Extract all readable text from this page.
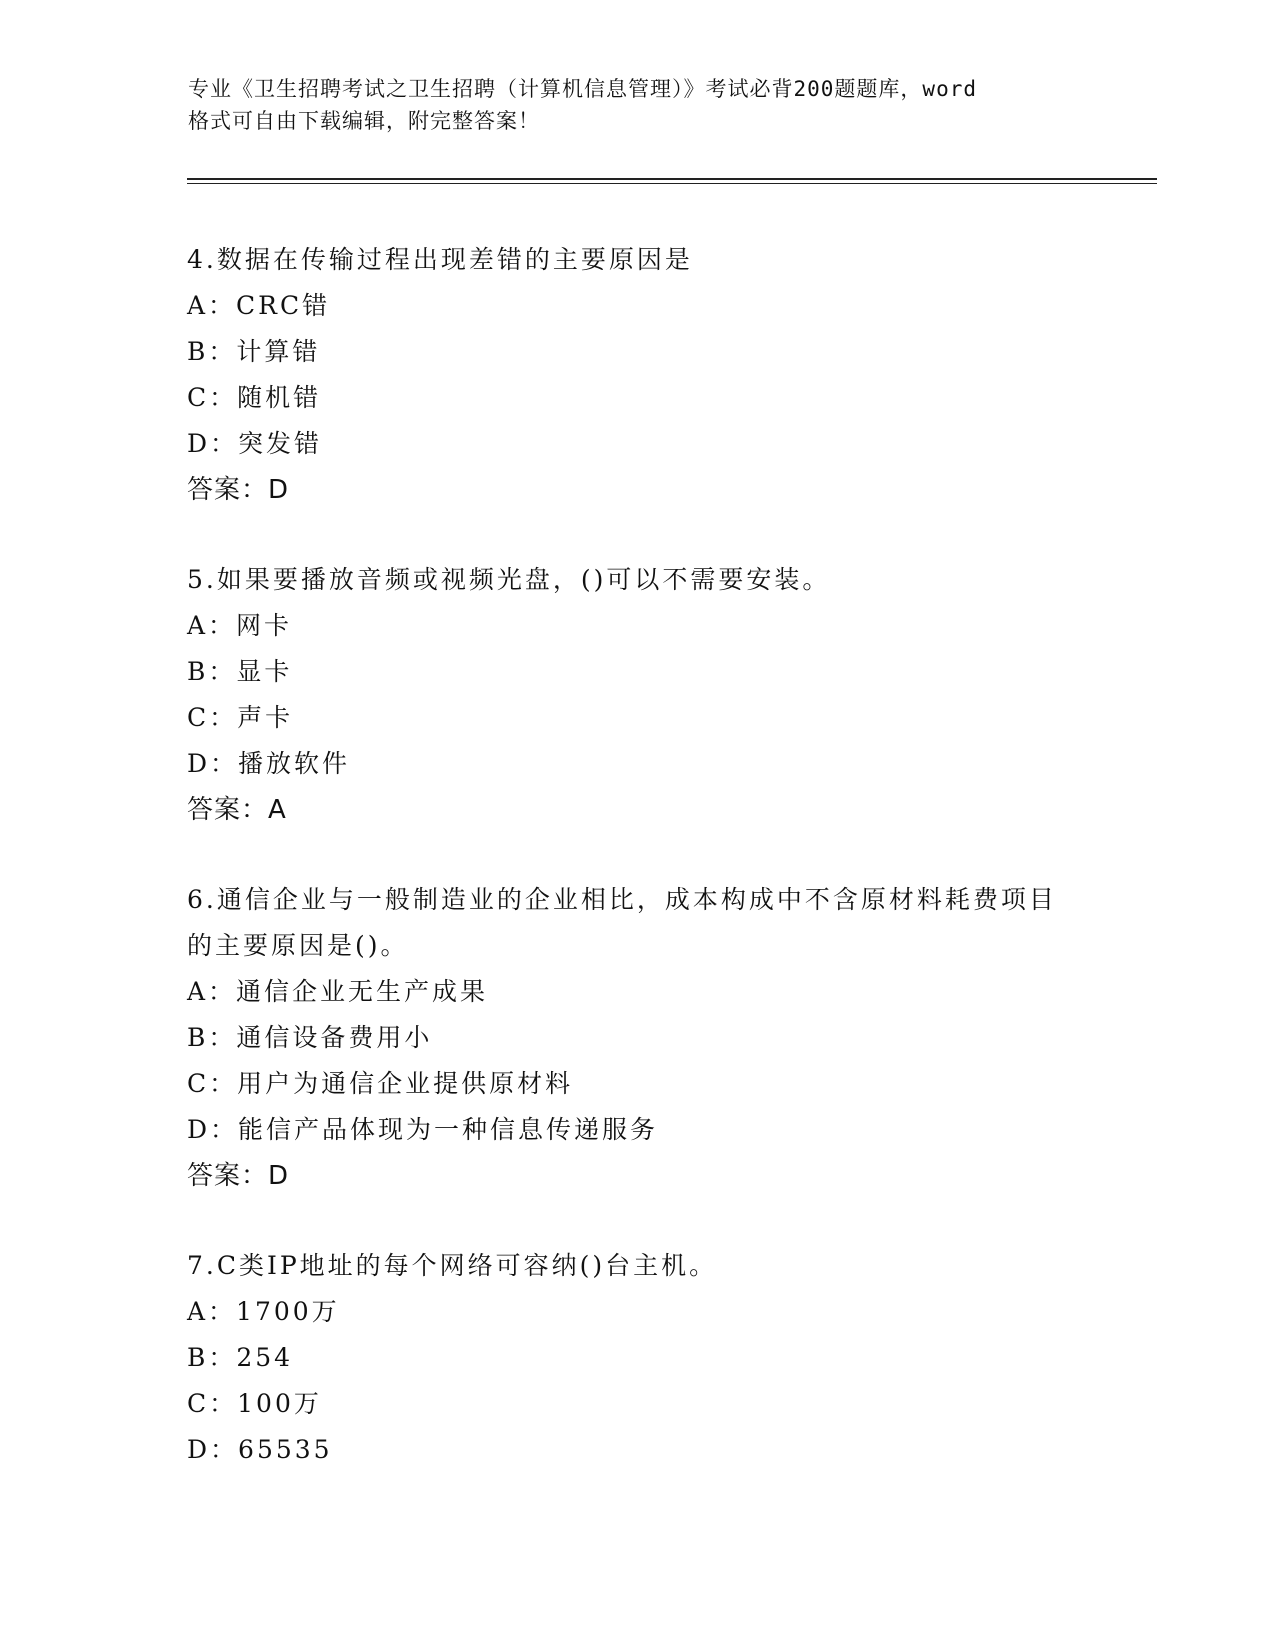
专业《卫生招聘考试之卫生招聘（计算机信息管理）》考试必背200题题库，word
格式可自由下载编辑，附完整答案！

4.数据在传输过程出现差错的主要原因是

A：CRC错

B：计算错

C：随机错

D：突发错

答案：D

5.如果要播放音频或视频光盘，()可以不需要安装。

A：网卡

B：显卡

C：声卡

D：播放软件

答案：A

6.通信企业与一般制造业的企业相比，成本构成中不含原材料耗费项目的主要原因是()。

A：通信企业无生产成果

B：通信设备费用小

C：用户为通信企业提供原材料

D：能信产品体现为一种信息传递服务

答案：D

7.C类IP地址的每个网络可容纳()台主机。

A：1700万

B：254

C：100万

D：65535
